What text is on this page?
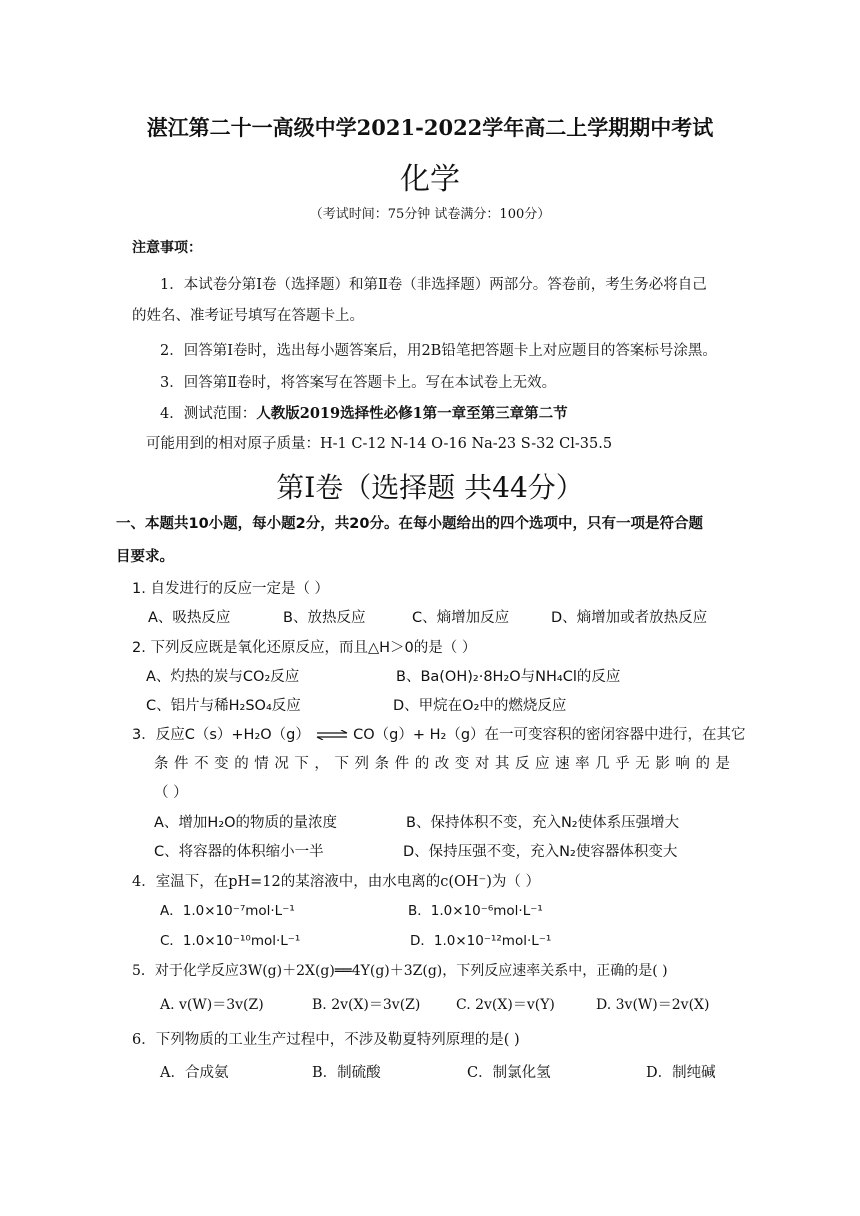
湛江第二十一高级中学2021-2022学年高二上学期期中考试
化学
（考试时间：75分钟 试卷满分：100分）
注意事项：
1．本试卷分第Ⅰ卷（选择题）和第Ⅱ卷（非选择题）两部分。答卷前，考生务必将自己
的姓名、准考证号填写在答题卡上。
2．回答第Ⅰ卷时，选出每小题答案后，用2B铅笔把答题卡上对应题目的答案标号涂黑。
3．回答第Ⅱ卷时，将答案写在答题卡上。写在本试卷上无效。
4．测试范围：人教版2019选择性必修1第一章至第三章第二节
可能用到的相对原子质量：H-1 C-12 N-14 O-16 Na-23 S-32 Cl-35.5
第Ⅰ卷（选择题 共44分）
一、本题共10小题，每小题2分，共20分。在每小题给出的四个选项中，只有一项是符合题
目要求。
1. 自发进行的反应一定是（ ）
A、吸热反应	B、放热反应	C、熵增加反应	D、熵增加或者放热反应
2. 下列反应既是氧化还原反应，而且△H＞0的是（ ）
A、灼热的炭与CO₂反应	B、Ba(OH)₂·8H₂O与NH₄Cl的反应
C、铝片与稀H₂SO₄反应	D、甲烷在O₂中的燃烧反应
3．反应C（s）+H₂O（g） ⇌ CO（g）+ H₂（g）在一可变容积的密闭容器中进行，在其它
条件不变的情况下，下列条件的改变对其反应速率几乎无影响的是
（ ）
A、增加H₂O的物质的量浓度	B、保持体积不变，充入N₂使体系压强增大
C、将容器的体积缩小一半	D、保持压强不变，充入N₂使容器体积变大
4．室温下，在pH=12的某溶液中，由水电离的c(OH⁻)为（ ）
A．1.0×10⁻⁷mol·L⁻¹	B．1.0×10⁻⁶mol·L⁻¹
C．1.0×10⁻¹⁰mol·L⁻¹	D．1.0×10⁻¹²mol·L⁻¹
5．对于化学反应3W(g)＋2X(g)══4Y(g)＋3Z(g)，下列反应速率关系中，正确的是( )
A. v(W)＝3v(Z)	B. 2v(X)＝3v(Z)	C. 2v(X)＝v(Y)	D. 3v(W)＝2v(X)
6．下列物质的工业生产过程中，不涉及勒夏特列原理的是( )
A．合成氨	B．制硫酸	C．制氯化氢	D．制纯碱
